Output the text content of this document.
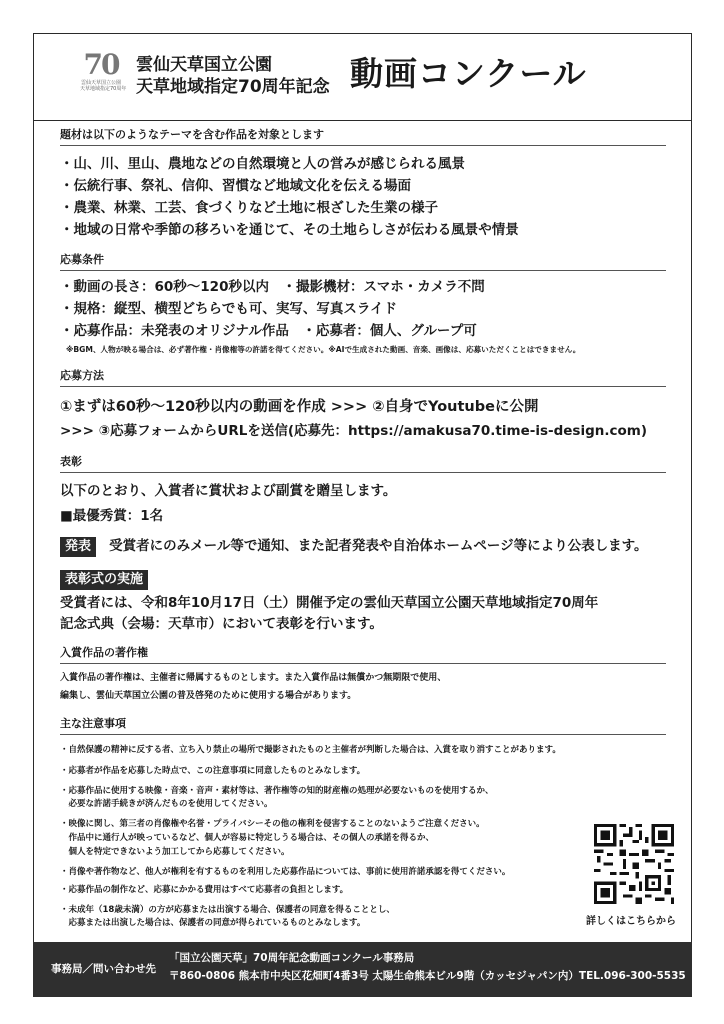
70
雲仙天草国立公園
天草地域指定70周年
雲仙天草国立公園
天草地域指定70周年記念 動画コンクール
題材は以下のようなテーマを含む作品を対象とします
・山、川、里山、農地などの自然環境と人の営みが感じられる風景
・伝統行事、祭礼、信仰、習慣など地域文化を伝える場面
・農業、林業、工芸、食づくりなど土地に根ざした生業の様子
・地域の日常や季節の移ろいを通じて、その土地らしさが伝わる風景や情景
応募条件
・動画の長さ：60秒〜120秒以内　・撮影機材：スマホ・カメラ不問
・規格：縦型、横型どちらでも可、実写、写真スライド
・応募作品：未発表のオリジナル作品　・応募者：個人、グループ可
※BGM、人物が映る場合は、必ず著作権・肖像権等の許諾を得てください。※AIで生成された動画、音楽、画像は、応募いただくことはできません。
応募方法
①まずは60秒〜120秒以内の動画を作成 >>> ②自身でYoutubeに公開
>>> ③応募フォームからURLを送信(応募先：https://amakusa70.time-is-design.com)
表彰
以下のとおり、入賞者に賞状および副賞を贈呈します。
■最優秀賞：1名
発表 受賞者にのみメール等で通知、また記者発表や自治体ホームページ等により公表します。
表彰式の実施
受賞者には、令和8年10月17日（土）開催予定の雲仙天草国立公園天草地域指定70周年
記念式典（会場：天草市）において表彰を行います。
入賞作品の著作権
入賞作品の著作権は、主催者に帰属するものとします。また入賞作品は無償かつ無期限で使用、
編集し、雲仙天草国立公園の普及啓発のために使用する場合があります。
主な注意事項
・自然保護の精神に反する者、立ち入り禁止の場所で撮影されたものと主催者が判断した場合は、入賞を取り消すことがあります。
・応募者が作品を応募した時点で、この注意事項に同意したものとみなします。
・応募作品に使用する映像・音楽・音声・素材等は、著作権等の知的財産権の処理が必要ないものを使用するか、
　必要な許諾手続きが済んだものを使用してください。
・映像に関し、第三者の肖像権や名誉・プライバシーその他の権利を侵害することのないようご注意ください。
　作品中に通行人が映っているなど、個人が容易に特定しうる場合は、その個人の承諾を得るか、
　個人を特定できないよう加工してから応募してください。
・肖像や著作物など、他人が権利を有するものを利用した応募作品については、事前に使用許諾承認を得てください。
・応募作品の制作など、応募にかかる費用はすべて応募者の負担とします。
・未成年（18歳未満）の方が応募または出演する場合、保護者の同意を得ることとし、
　応募または出演した場合は、保護者の同意が得られているものとみなします。	詳しくはこちらから
事務局／問い合わせ先
「国立公園天草」70周年記念動画コンクール事務局
〒860-0806 熊本市中央区花畑町4番3号 太陽生命熊本ビル9階（カッセジャパン内）TEL.096-300-5535
